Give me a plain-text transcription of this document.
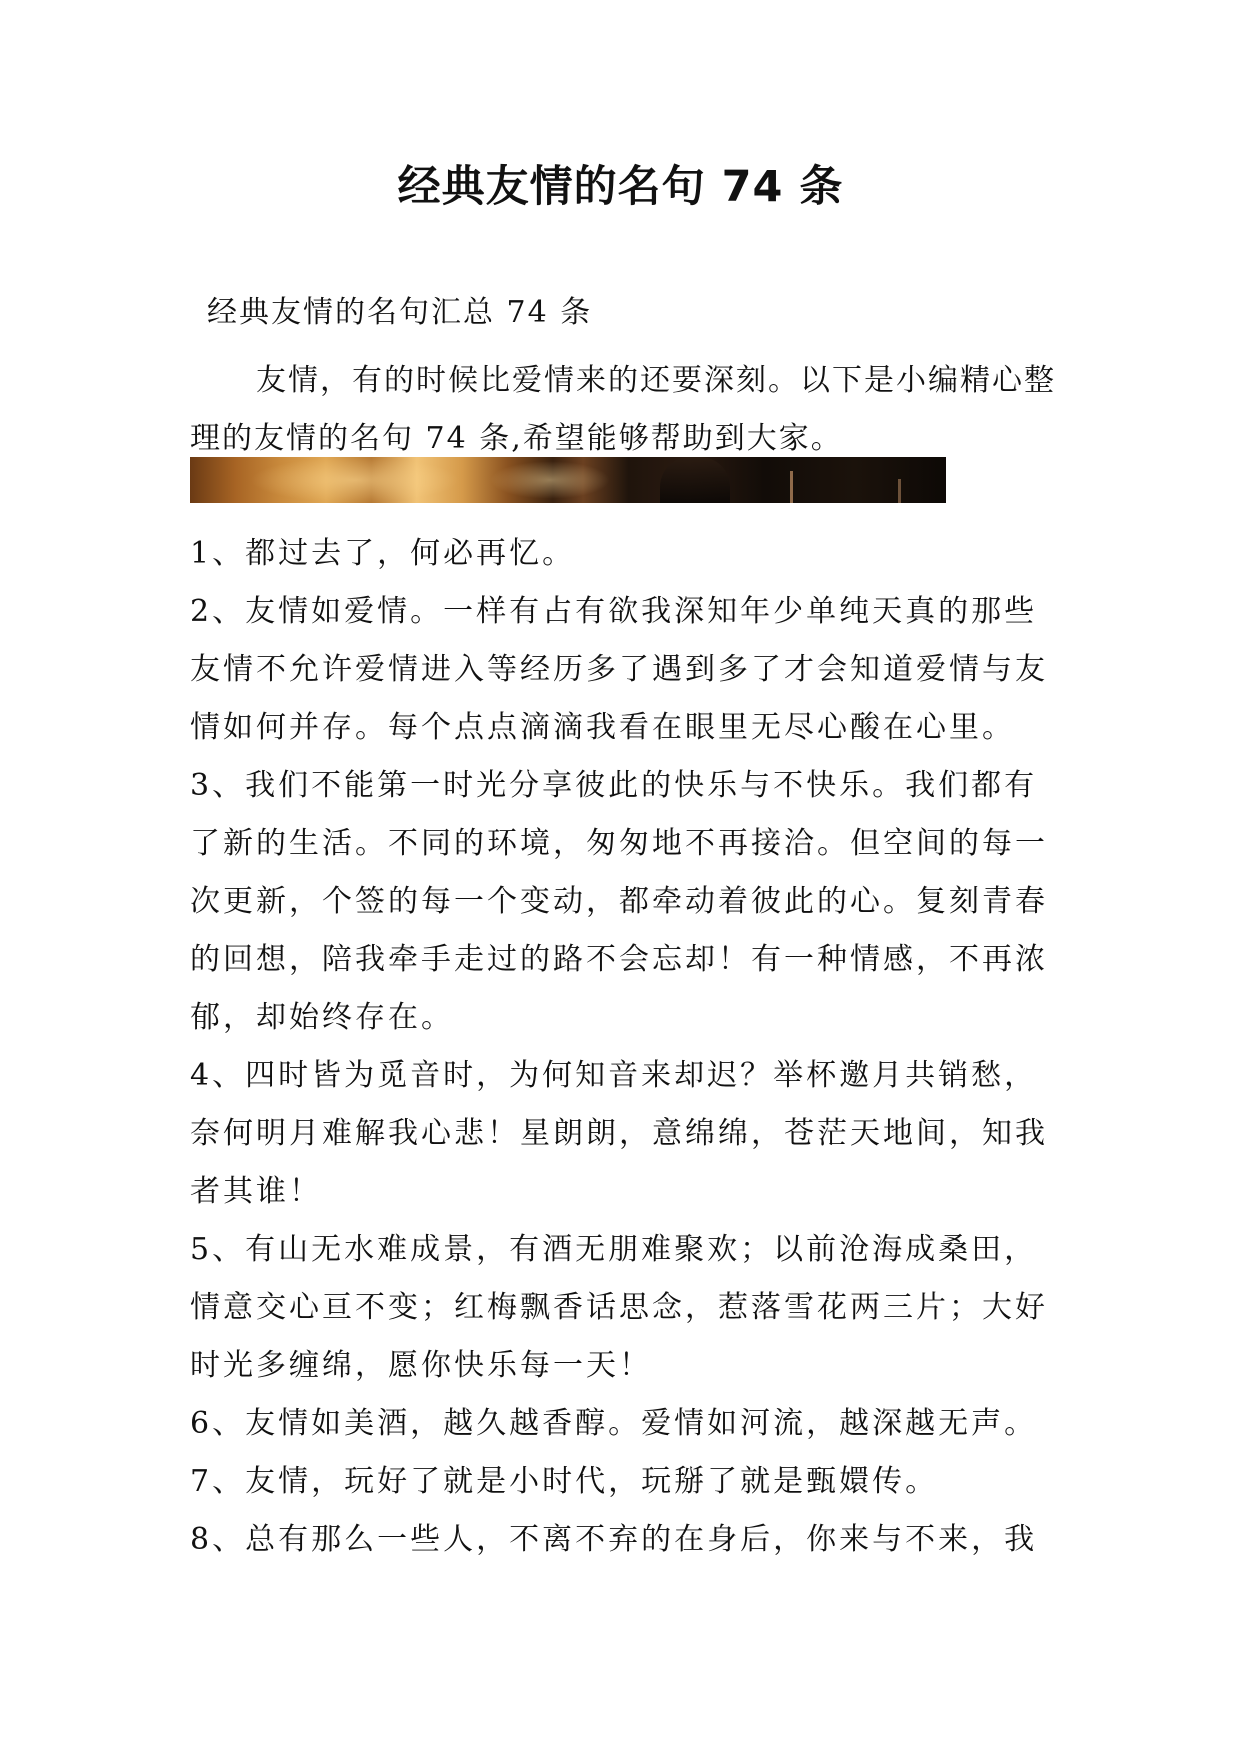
经典友情的名句 74 条
经典友情的名句汇总 74 条
友情，有的时候比爱情来的还要深刻。以下是小编精心整理的友情的名句 74 条,希望能够帮助到大家。

1、都过去了，何必再忆。

2、友情如爱情。一样有占有欲我深知年少单纯天真的那些友情不允许爱情进入等经历多了遇到多了才会知道爱情与友情如何并存。每个点点滴滴我看在眼里无尽心酸在心里。

3、我们不能第一时光分享彼此的快乐与不快乐。我们都有了新的生活。不同的环境，匆匆地不再接洽。但空间的每一次更新，个签的每一个变动，都牵动着彼此的心。复刻青春的回想，陪我牵手走过的路不会忘却！有一种情感，不再浓郁，却始终存在。

4、四时皆为觅音时，为何知音来却迟？举杯邀月共销愁，奈何明月难解我心悲！星朗朗，意绵绵，苍茫天地间，知我者其谁！

5、有山无水难成景，有酒无朋难聚欢；以前沧海成桑田，情意交心亘不变；红梅飘香话思念，惹落雪花两三片；大好时光多缠绵，愿你快乐每一天！

6、友情如美酒，越久越香醇。爱情如河流，越深越无声。

7、友情，玩好了就是小时代，玩掰了就是甄嬛传。

8、总有那么一些人，不离不弃的在身后，你来与不来，我
